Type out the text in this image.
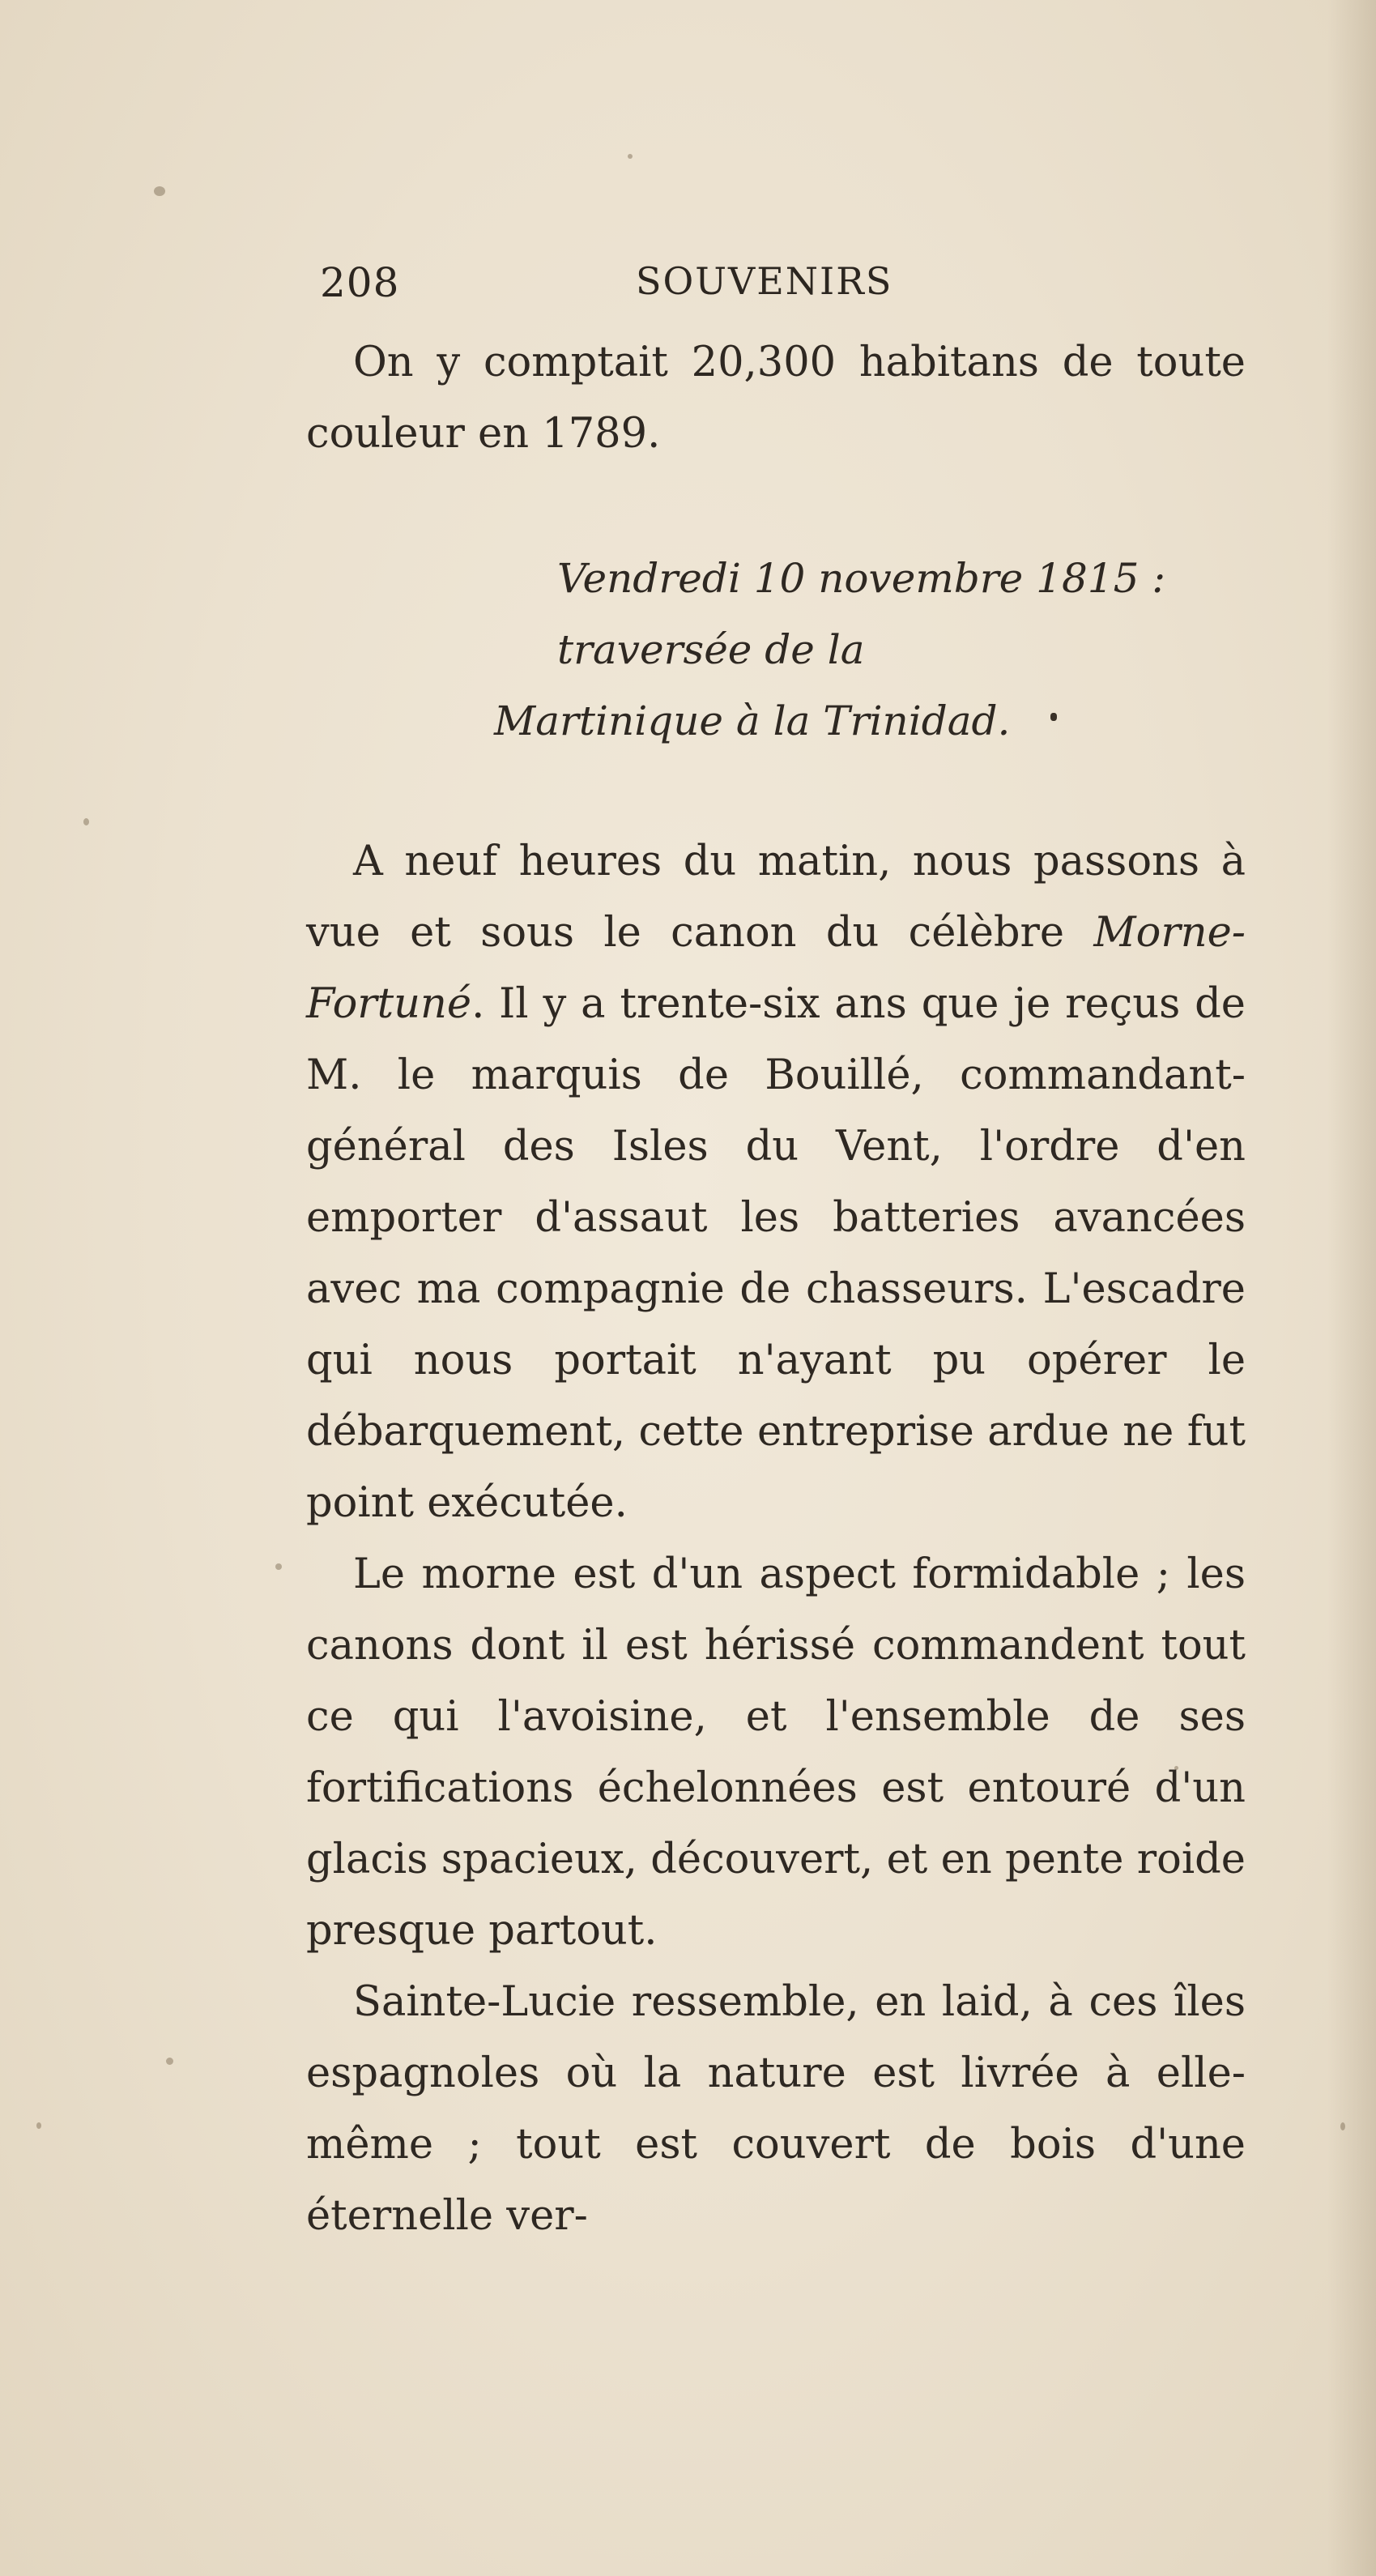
208	SOUVENIRS

On y comptait 20,300 habitans de toute couleur en 1789.

Vendredi 10 novembre 1815 : traversée de la
Martinique à la Trinidad.

A neuf heures du matin, nous passons à vue et sous le canon du célèbre Morne-Fortuné. Il y a trente-six ans que je reçus de M. le marquis de Bouillé, commandant-général des Isles du Vent, l'ordre d'en emporter d'assaut les batteries avancées avec ma compagnie de chasseurs. L'escadre qui nous portait n'ayant pu opérer le débarquement, cette entreprise ardue ne fut point exécutée.

Le morne est d'un aspect formidable ; les canons dont il est hérissé commandent tout ce qui l'avoisine, et l'ensemble de ses fortifications échelonnées est entouré d'un glacis spacieux, découvert, et en pente roide presque partout.

Sainte-Lucie ressemble, en laid, à ces îles espagnoles où la nature est livrée à elle-même ; tout est couvert de bois d'une éternelle ver-
